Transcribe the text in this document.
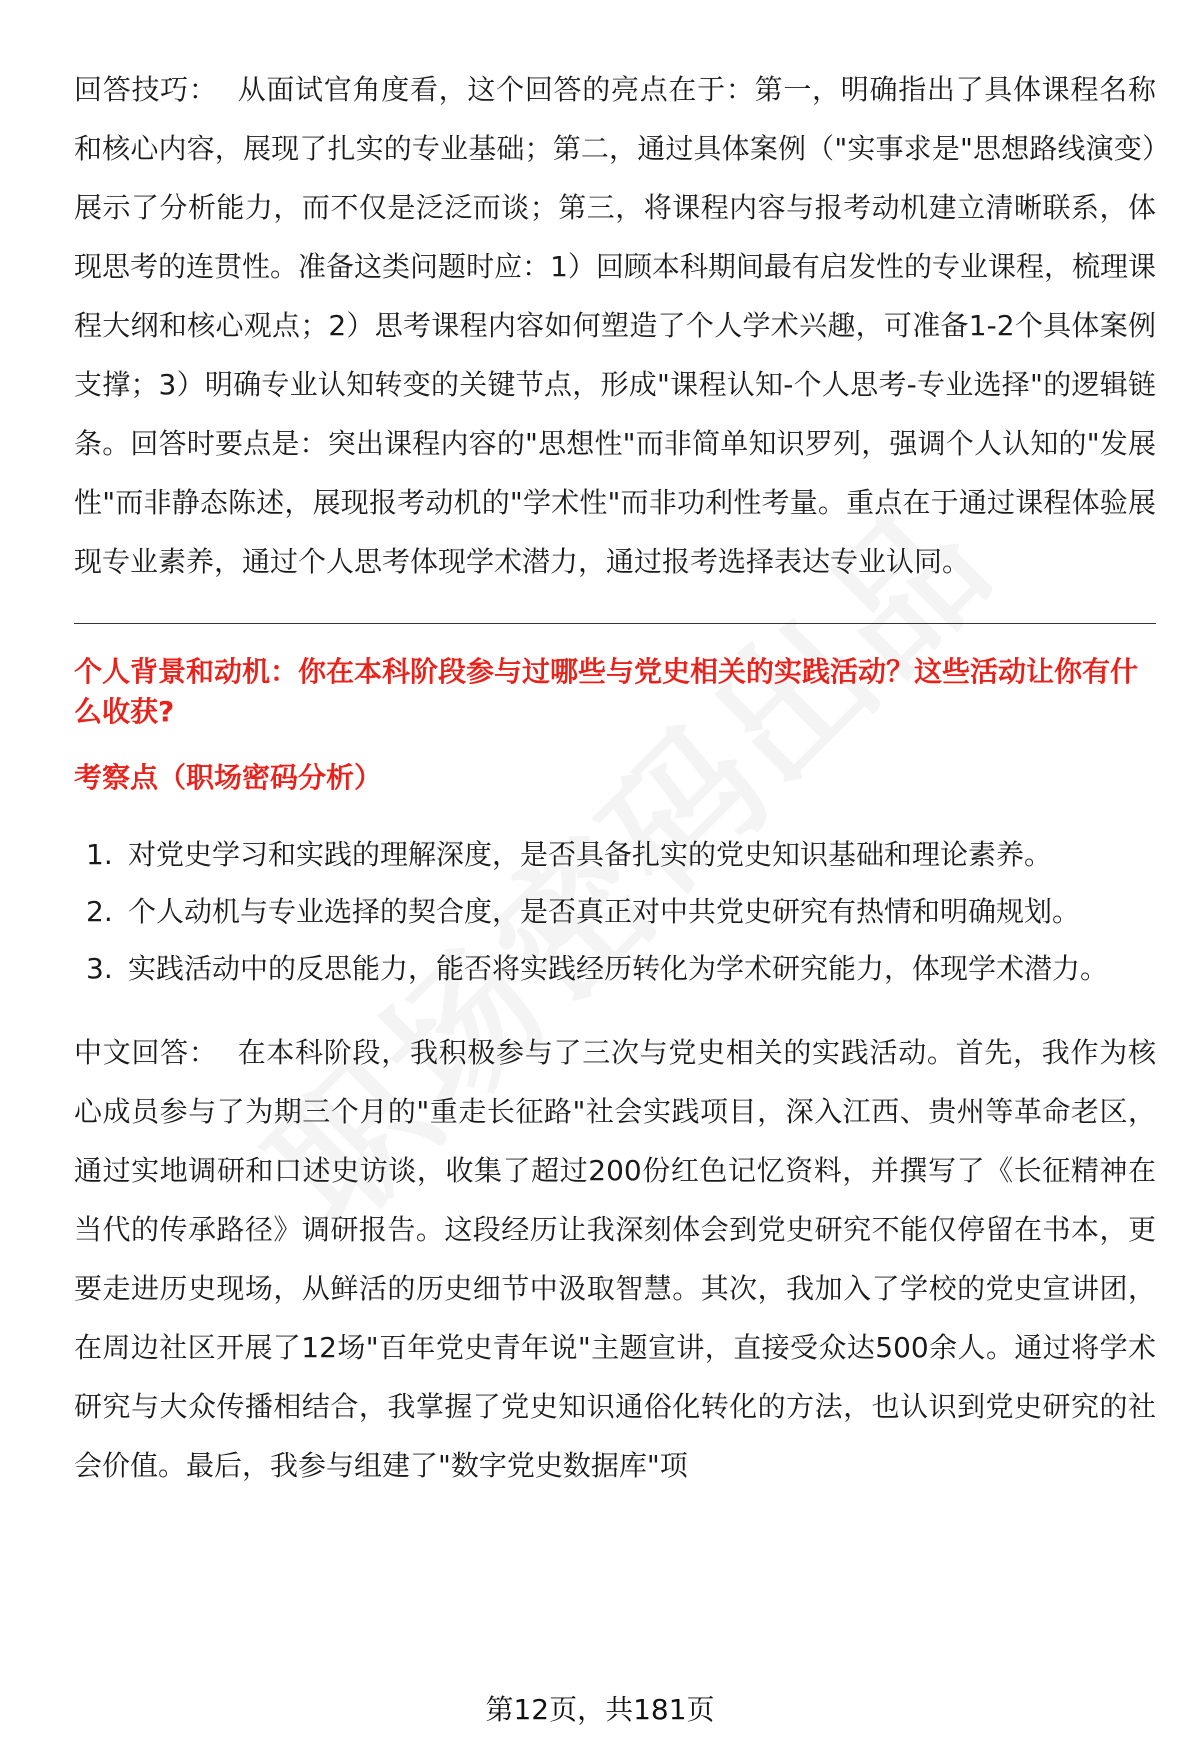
回答技巧： 从面试官角度看，这个回答的亮点在于：第一，明确指出了具体课程名称和核心内容，展现了扎实的专业基础；第二，通过具体案例（"实事求是"思想路线演变）展示了分析能力，而不仅是泛泛而谈；第三，将课程内容与报考动机建立清晰联系，体现思考的连贯性。准备这类问题时应：1）回顾本科期间最有启发性的专业课程，梳理课程大纲和核心观点；2）思考课程内容如何塑造了个人学术兴趣，可准备1-2个具体案例支撑；3）明确专业认知转变的关键节点，形成"课程认知-个人思考-专业选择"的逻辑链条。回答时要点是：突出课程内容的"思想性"而非简单知识罗列，强调个人认知的"发展性"而非静态陈述，展现报考动机的"学术性"而非功利性考量。重点在于通过课程体验展现专业素养，通过个人思考体现学术潜力，通过报考选择表达专业认同。

个人背景和动机：你在本科阶段参与过哪些与党史相关的实践活动？这些活动让你有什么收获?
考察点（职场密码分析）
1. 对党史学习和实践的理解深度，是否具备扎实的党史知识基础和理论素养。
2. 个人动机与专业选择的契合度，是否真正对中共党史研究有热情和明确规划。
3. 实践活动中的反思能力，能否将实践经历转化为学术研究能力，体现学术潜力。

中文回答： 在本科阶段，我积极参与了三次与党史相关的实践活动。首先，我作为核心成员参与了为期三个月的"重走长征路"社会实践项目，深入江西、贵州等革命老区，通过实地调研和口述史访谈，收集了超过200份红色记忆资料，并撰写了《长征精神在当代的传承路径》调研报告。这段经历让我深刻体会到党史研究不能仅停留在书本，更要走进历史现场，从鲜活的历史细节中汲取智慧。其次，我加入了学校的党史宣讲团，在周边社区开展了12场"百年党史青年说"主题宣讲，直接受众达500余人。通过将学术研究与大众传播相结合，我掌握了党史知识通俗化转化的方法，也认识到党史研究的社会价值。最后，我参与组建了"数字党史数据库"项

第12页，共181页
